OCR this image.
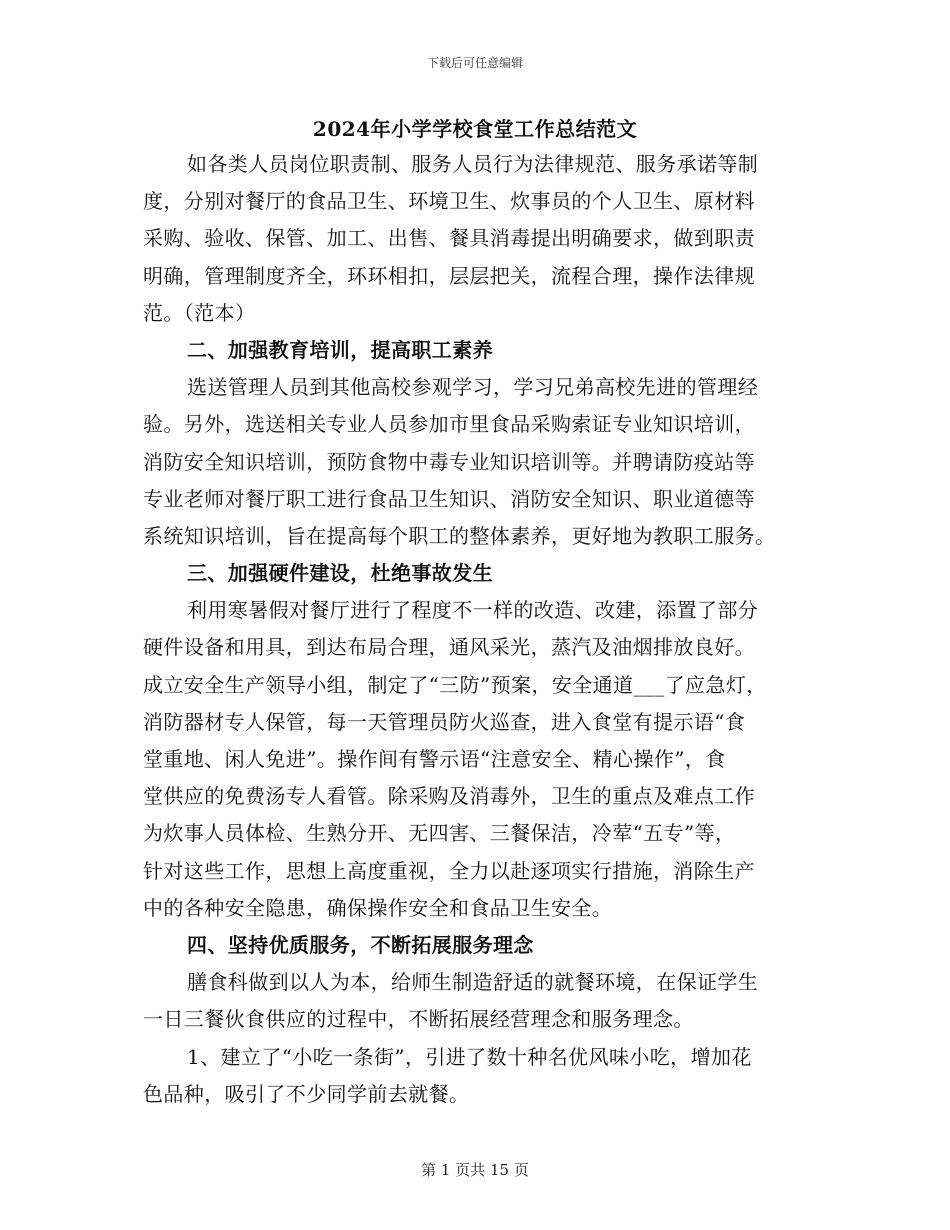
下载后可任意编辑
2024年小学学校食堂工作总结范文
如各类人员岗位职责制、服务人员行为法律规范、服务承诺等制
度，分别对餐厅的食品卫生、环境卫生、炊事员的个人卫生、原材料
采购、验收、保管、加工、出售、餐具消毒提出明确要求，做到职责
明确，管理制度齐全，环环相扣，层层把关，流程合理，操作法律规
范。（范本）
二、加强教育培训，提高职工素养
选送管理人员到其他高校参观学习，学习兄弟高校先进的管理经
验。另外，选送相关专业人员参加市里食品采购索证专业知识培训，
消防安全知识培训，预防食物中毒专业知识培训等。并聘请防疫站等
专业老师对餐厅职工进行食品卫生知识、消防安全知识、职业道德等
系统知识培训，旨在提高每个职工的整体素养，更好地为教职工服务。
三、加强硬件建设，杜绝事故发生
利用寒暑假对餐厅进行了程度不一样的改造、改建，添置了部分
硬件设备和用具，到达布局合理，通风采光，蒸汽及油烟排放良好。
成立安全生产领导小组，制定了“三防”预案，安全通道___了应急灯，
消防器材专人保管，每一天管理员防火巡查，进入食堂有提示语“食
堂重地、闲人免进”。操作间有警示语“注意安全、精心操作”，食
堂供应的免费汤专人看管。除采购及消毒外，卫生的重点及难点工作
为炊事人员体检、生熟分开、无四害、三餐保洁，冷荤“五专”等，
针对这些工作，思想上高度重视，全力以赴逐项实行措施，消除生产
中的各种安全隐患，确保操作安全和食品卫生安全。
四、坚持优质服务，不断拓展服务理念
膳食科做到以人为本，给师生制造舒适的就餐环境，在保证学生
一日三餐伙食供应的过程中，不断拓展经营理念和服务理念。
1、建立了“小吃一条街”，引进了数十种名优风味小吃，增加花
色品种，吸引了不少同学前去就餐。
第 1 页共 15 页
